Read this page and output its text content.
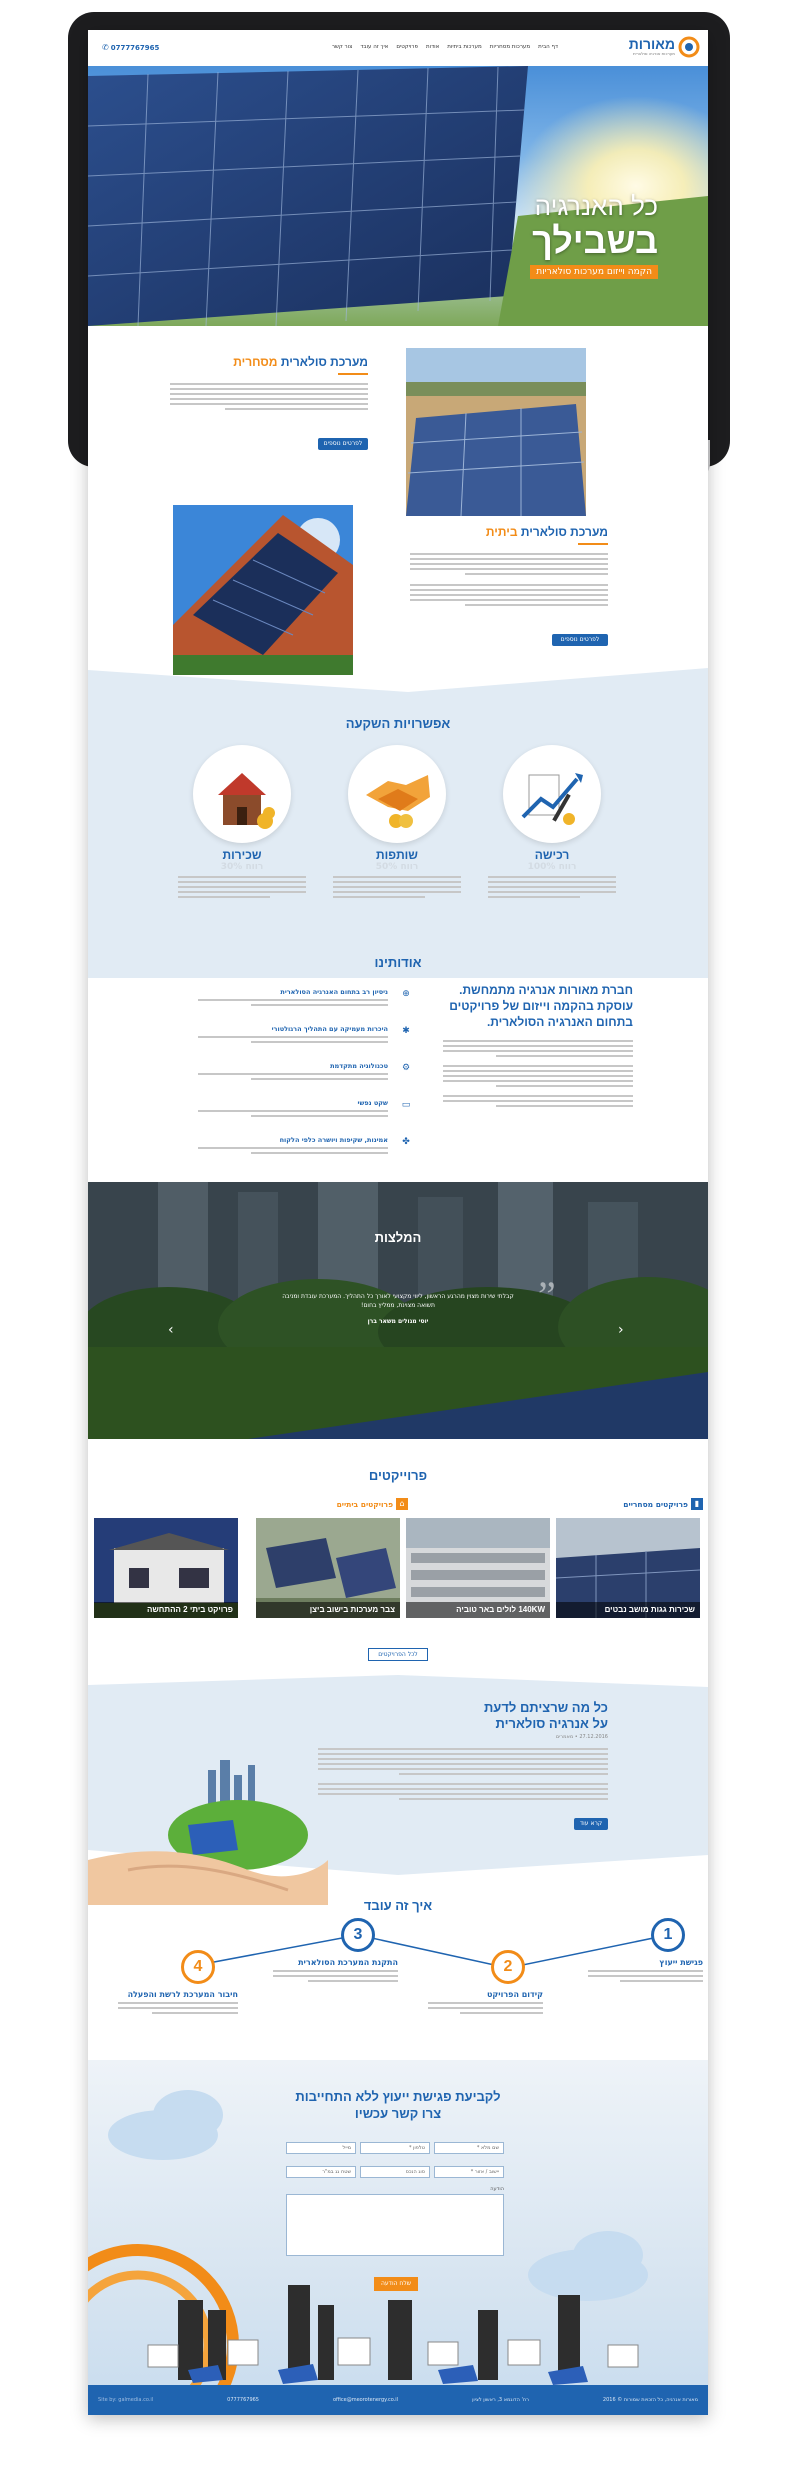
מאורות
מערכות אנרגיה סולארית
דף הבית
מערכות מסחריות
מערכות ביתיות
אודות
פרויקטים
איך זה עובד
צור קשר
✆ 0777767965
כל האנרגיה
בשבילך
הקמה וייזום מערכות סולאריות
מערכת סולארית מסחרית
לפרטים נוספים
מערכת סולארית ביתית
לפרטים נוספים
אפשרויות השקעה
שכירות
30% רווח
שותפות
50% רווח
רכישה
100% רווח
אודותינו
חברת מאורות אנרגיה מתמחשת. עוסקת בהקמה וייזום של פרויקטים בתחום האנרגיה הסולארית.
ניסיון רב בתחום האנרגיה הסולארית
היכרות מעמיקה עם התהליך הרגולטורי
טכנולוגיה מתקדמת
שקט נפשי
אמינות, שקיפות ויושרה כלפי הלקוח
⊕
✱
⚙
▭
✤
המלצות
”
קבלתי שירות מצוין מהרגע הראשון, ליווי מקצועי לאורך כל התהליך. המערכת עובדת ומניבה תשואה מצוינת, ממליץ בחום!
יוסי מגולים משאר ברן
‹	›
פרוייקטים
▮
פרויקטים מסחריים
⌂
פרויקטים ביתיים
שכירות גגות מושב נבטים
140KW לולים באר טוביה
צבר מערכות בישוב ביצן
פרויקט ביתי 2 ההתחשה
לכל הפרויקטים
כל מה שרציתם לדעת
על אנרגיה סולארית
27.12.2016 • מאמרים
קרא עוד
איך זה עובד
1
2
3
4	פגישת ייעוץ
קידום הפרויקט
התקנת המערכת הסולארית
חיבור המערכת לרשת והפעלה
לקביעת פגישת ייעוץ ללא התחייבות
צרו קשר עכשיו
שם מלא *
טלפון *
מייל
יישוב / אזור *
סוג הנכס
שטח גג במ"ר
הודעה
שלח הודעה
מאורות אנרגיה, כל הזכויות שמורות © 2016
רח' הדוגמא 3, ראשון לציון
office@meorotenergy.co.il
0777767965
Site by: galmedia.co.il
